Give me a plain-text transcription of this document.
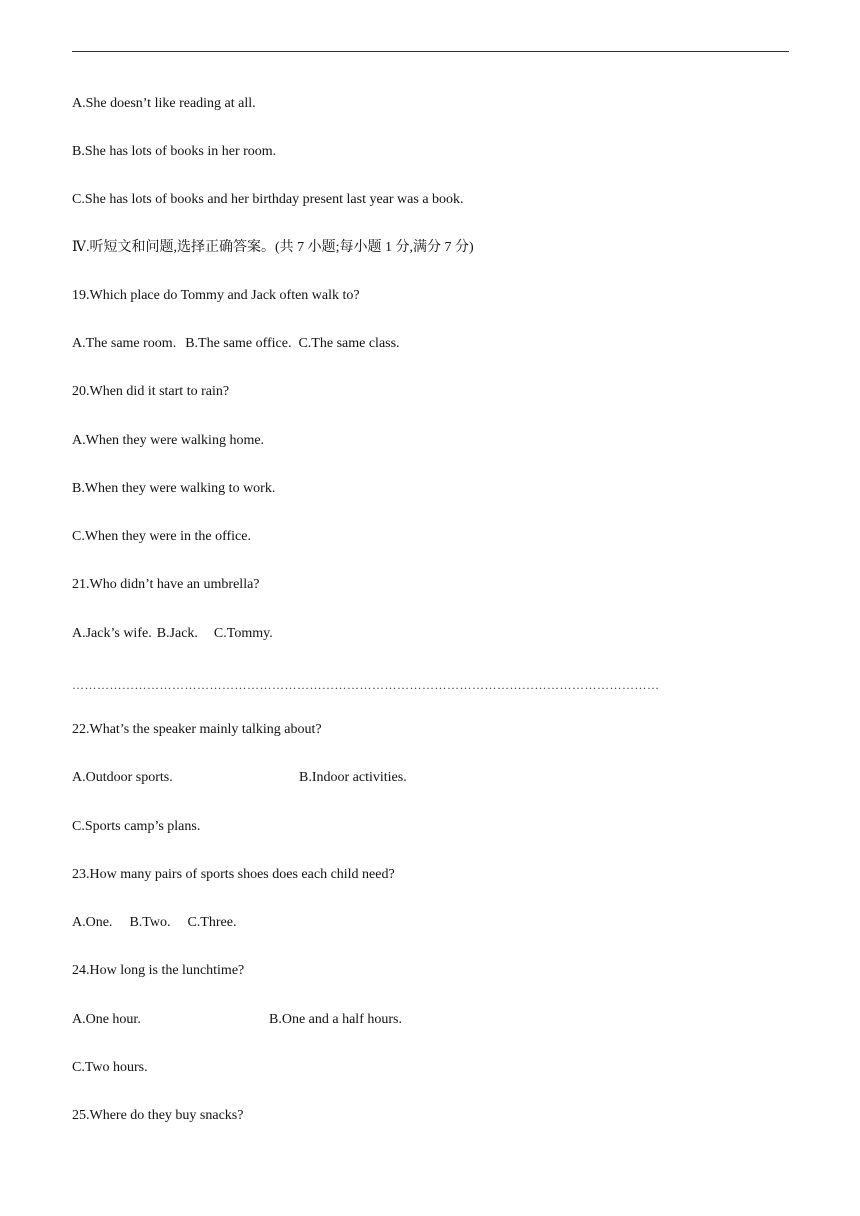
A.She doesn’t like reading at all.
B.She has lots of books in her room.
C.She has lots of books and her birthday present last year was a book.
Ⅳ.听短文和问题,选择正确答案。(共 7 小题;每小题 1 分,满分 7 分)
19.Which place do Tommy and Jack often walk to?
A.The same room. B.The same office. C.The same class.
20.When did it start to rain?
A.When they were walking home.
B.When they were walking to work.
C.When they were in the office.
21.Who didn’t have an umbrella?
A.Jack’s wife. B.Jack. C.Tommy.
……………………………………………………………………………………………………………………………
22.What’s the speaker mainly talking about?
A.Outdoor sports.	B.Indoor activities.
C.Sports camp’s plans.
23.How many pairs of sports shoes does each child need?
A.One. B.Two. C.Three.
24.How long is the lunchtime?
A.One hour.	B.One and a half hours.
C.Two hours.
25.Where do they buy snacks?
